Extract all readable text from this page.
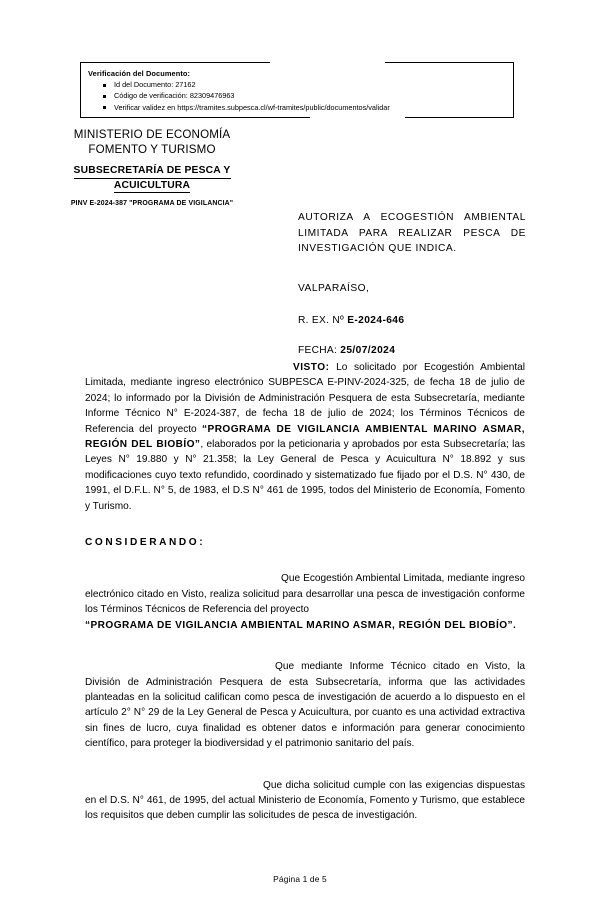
Verificación del Documento:
Id del Documento: 27162
Código de verificación: 82309476963
Verificar validez en https://tramites.subpesca.cl/wf-tramites/public/documentos/validar
MINISTERIO DE ECONOMÍA
FOMENTO Y TURISMO
SUBSECRETARÍA DE PESCA Y
ACUICULTURA
PINV E-2024-387 "PROGRAMA DE VIGILANCIA"
AUTORIZA A ECOGESTIÓN AMBIENTAL LIMITADA PARA REALIZAR PESCA DE INVESTIGACIÓN QUE INDICA.
VALPARAÍSO,
R. EX. Nº E-2024-646
FECHA: 25/07/2024

VISTO: Lo solicitado por Ecogestión Ambiental Limitada, mediante ingreso electrónico SUBPESCA E-PINV-2024-325, de fecha 18 de julio de 2024; lo informado por la División de Administración Pesquera de esta Subsecretaría, mediante Informe Técnico N° E-2024-387, de fecha 18 de julio de 2024; los Términos Técnicos de Referencia del proyecto “PROGRAMA DE VIGILANCIA AMBIENTAL MARINO ASMAR, REGIÓN DEL BIOBÍO”, elaborados por la peticionaria y aprobados por esta Subsecretaría; las Leyes N° 19.880 y N° 21.358; la Ley General de Pesca y Acuicultura N° 18.892 y sus modificaciones cuyo texto refundido, coordinado y sistematizado fue fijado por el D.S. N° 430, de 1991, el D.F.L. N° 5, de 1983, el D.S N° 461 de 1995, todos del Ministerio de Economía, Fomento y Turismo.

CONSIDERANDO:

Que Ecogestión Ambiental Limitada, mediante ingreso electrónico citado en Visto, realiza solicitud para desarrollar una pesca de investigación conforme los Términos Técnicos de Referencia del proyecto

“PROGRAMA DE VIGILANCIA AMBIENTAL MARINO ASMAR, REGIÓN DEL BIOBÍO”.

Que mediante Informe Técnico citado en Visto, la División de Administración Pesquera de esta Subsecretaría, informa que las actividades planteadas en la solicitud califican como pesca de investigación de acuerdo a lo dispuesto en el artículo 2° N° 29 de la Ley General de Pesca y Acuicultura, por cuanto es una actividad extractiva sin fines de lucro, cuya finalidad es obtener datos e información para generar conocimiento científico, para proteger la biodiversidad y el patrimonio sanitario del país.

Que dicha solicitud cumple con las exigencias dispuestas en el D.S. N° 461, de 1995, del actual Ministerio de Economía, Fomento y Turismo, que establece los requisitos que deben cumplir las solicitudes de pesca de investigación.

Página 1 de 5
